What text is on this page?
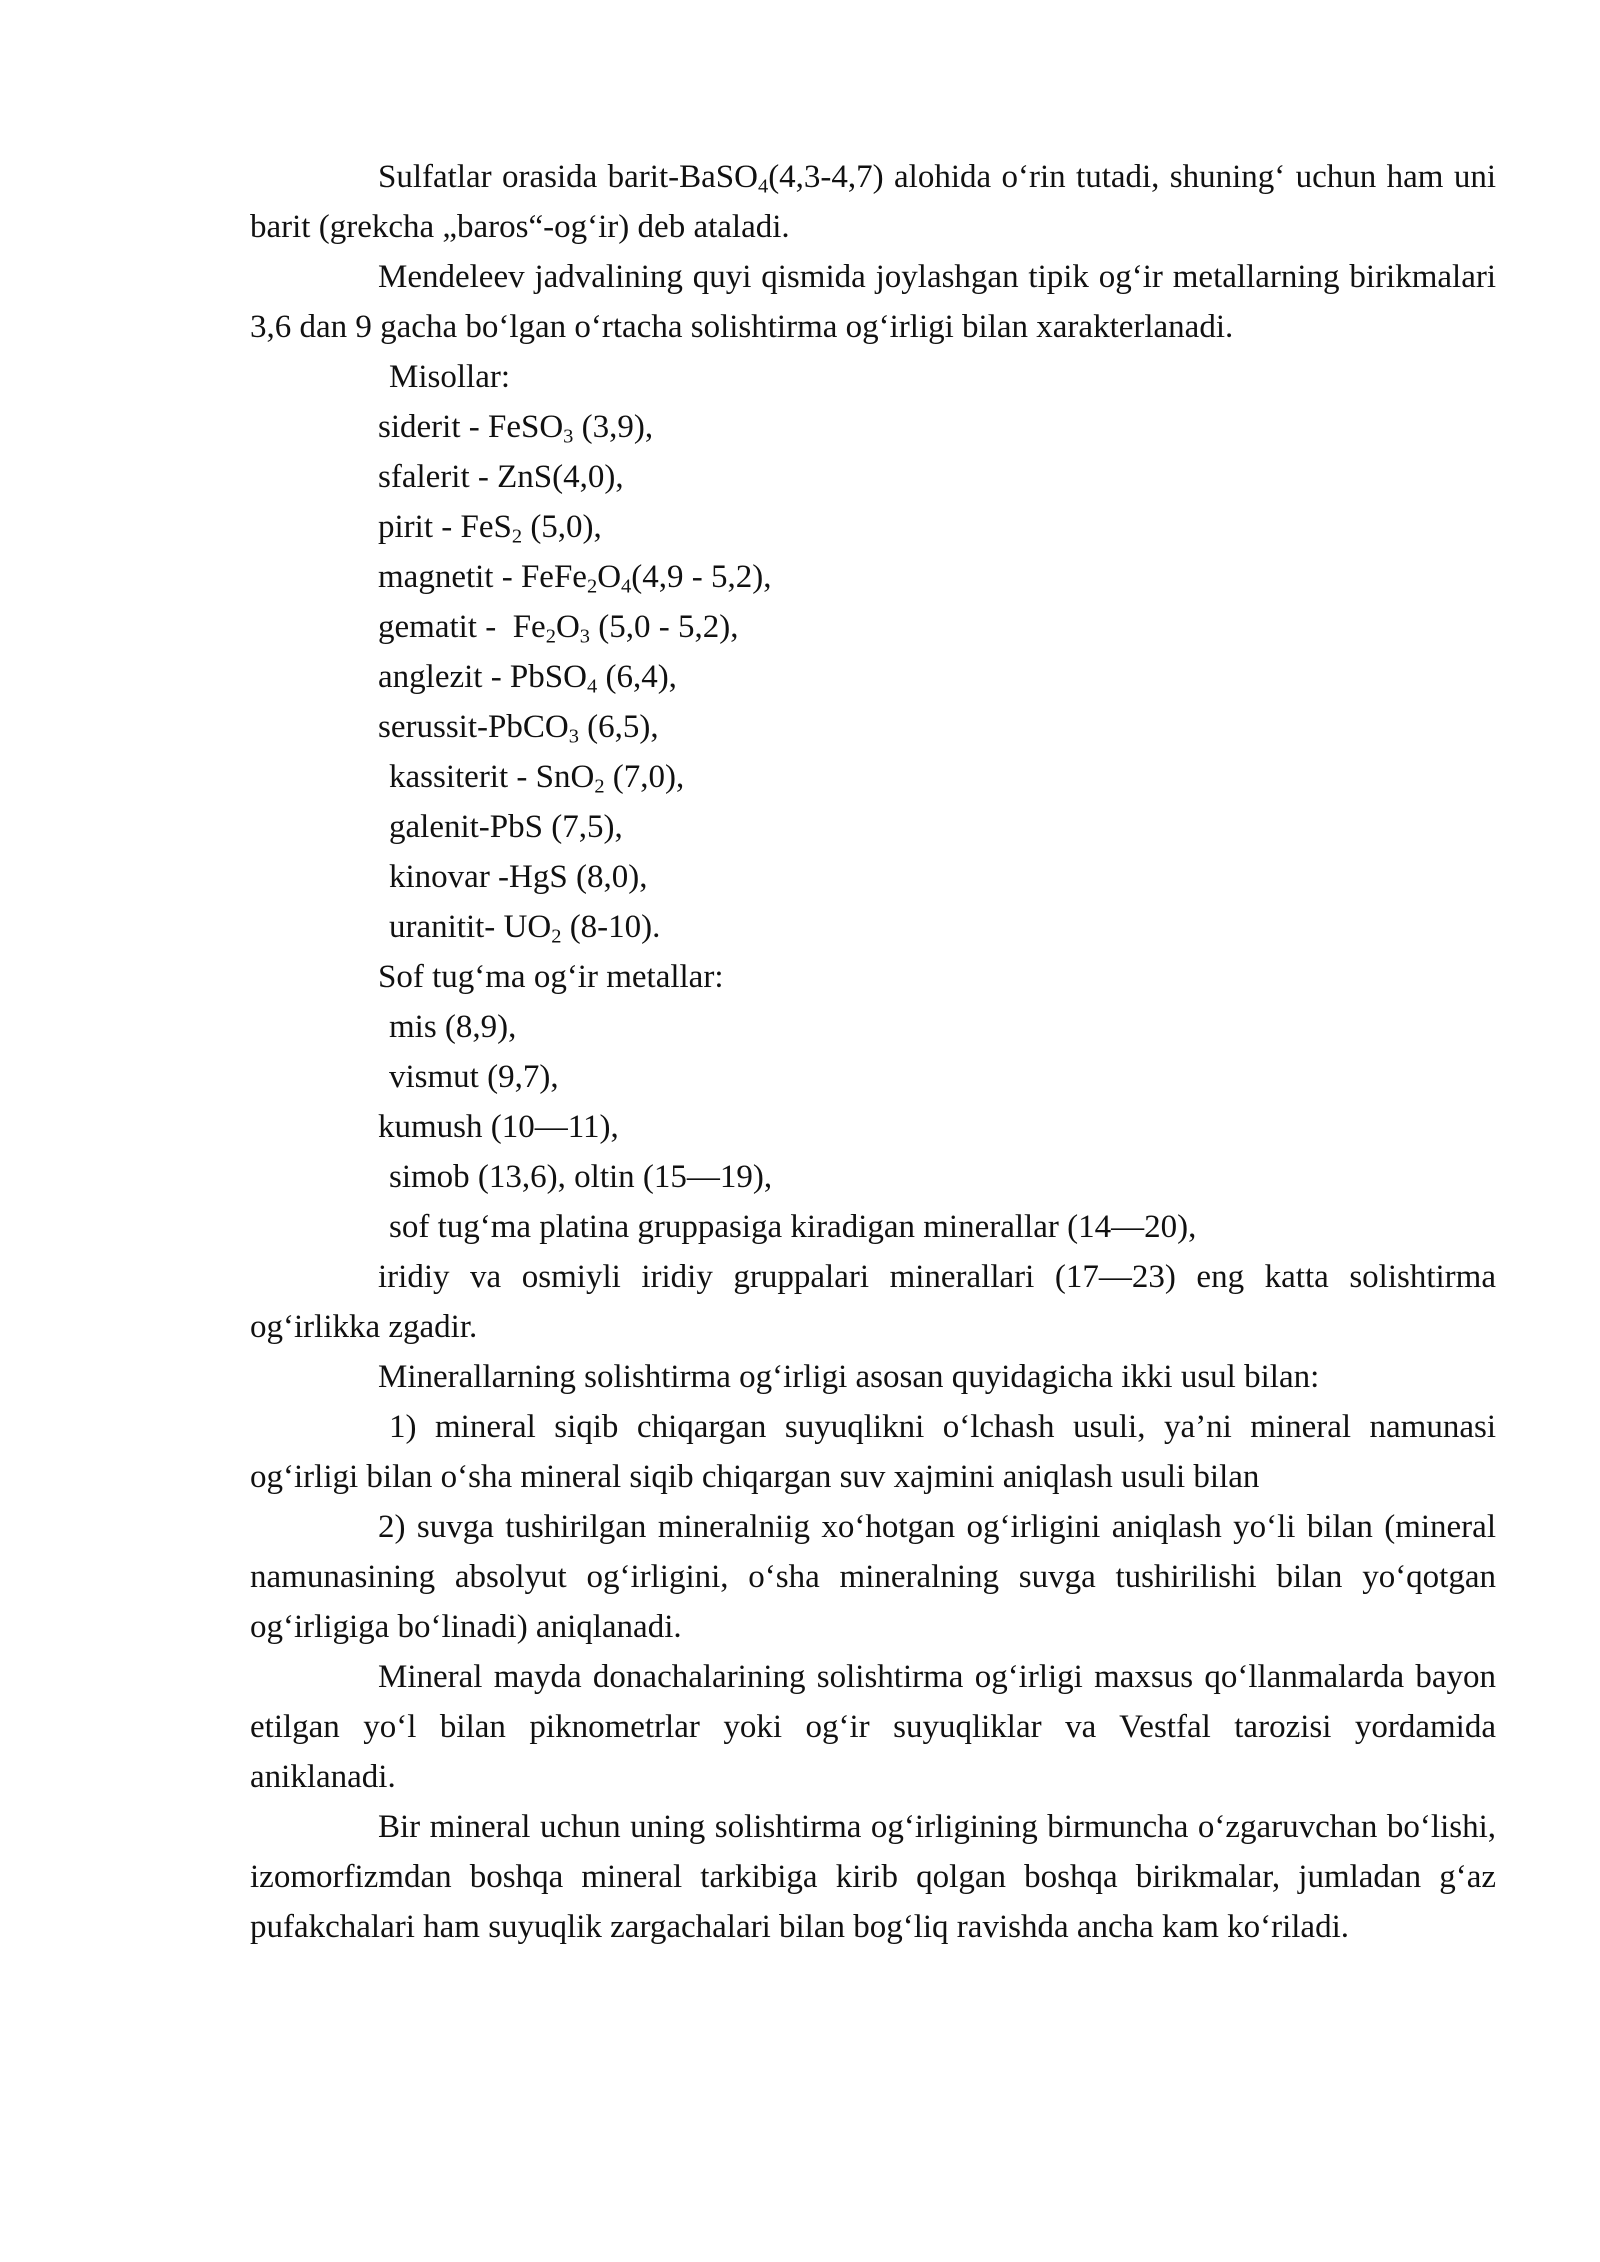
Sulfatlar orasida barit-BaSO$_4$(4,3-4,7) alohida o‘rin tutadi, shuning‘ uchun ham uni barit (grekcha „baros“-og‘ir) deb ataladi.

Mendeleev jadvalining quyi qismida joylashgan tipik og‘ir metallarning birikmalari 3,6 dan 9 gacha bo‘lgan o‘rtacha solishtirma og‘irligi bilan xarakterlanadi.

Misollar:

siderit - FeSO$_3$ (3,9),

sfalerit - ZnS(4,0),

pirit - FeS$_2$ (5,0),

magnetit - $FeFe_2O_4(4,9 - 5,2)$,

gematit -  $Fe_2O_3$ (5,0 - 5,2),

anglezit - PbSO$_4$ (6,4),

serussit-PbCO$_3$ (6,5),

kassiterit - SnO$_2$ (7,0),

galenit-PbS (7,5),

kinovar -HgS (8,0),

uranitit- $UO_2$ (8-10).

Sof tug‘ma og‘ir metallar:

mis (8,9),

vismut (9,7),

kumush (10—11),

simob (13,6), oltin (15—19),

sof tug‘ma platina gruppasiga kiradigan minerallar (14—20),

iridiy va osmiyli iridiy gruppalari minerallari (17—23) eng katta solishtirma og‘irlikka zgadir.

Minerallarning solishtirma og‘irligi asosan quyidagicha ikki usul bilan:

1) mineral siqib chiqargan suyuqlikni o‘lchash usuli, ya’ni mineral namunasi og‘irligi bilan o‘sha mineral siqib chiqargan suv xajmini aniqlash usuli bilan

2) suvga tushirilgan mineralniig xo‘hotgan og‘irligini aniqlash yo‘li bilan (mineral namunasining absolyut og‘irligini, o‘sha mineralning suvga tushirilishi bilan yo‘qotgan og‘irligiga bo‘linadi) aniqlanadi.

Mineral mayda donachalarining solishtirma og‘irligi maxsus qo‘llanmalarda bayon etilgan yo‘l bilan piknometrlar yoki og‘ir suyuqliklar va Vestfal tarozisi yordamida aniklanadi.

Bir mineral uchun uning solishtirma og‘irligining birmuncha o‘zgaruvchan bo‘lishi, izomorfizmdan boshqa mineral tarkibiga kirib qolgan boshqa birikmalar, jumladan g‘az pufakchalari ham suyuqlik zargachalari bilan bog‘liq ravishda ancha kam ko‘riladi.
